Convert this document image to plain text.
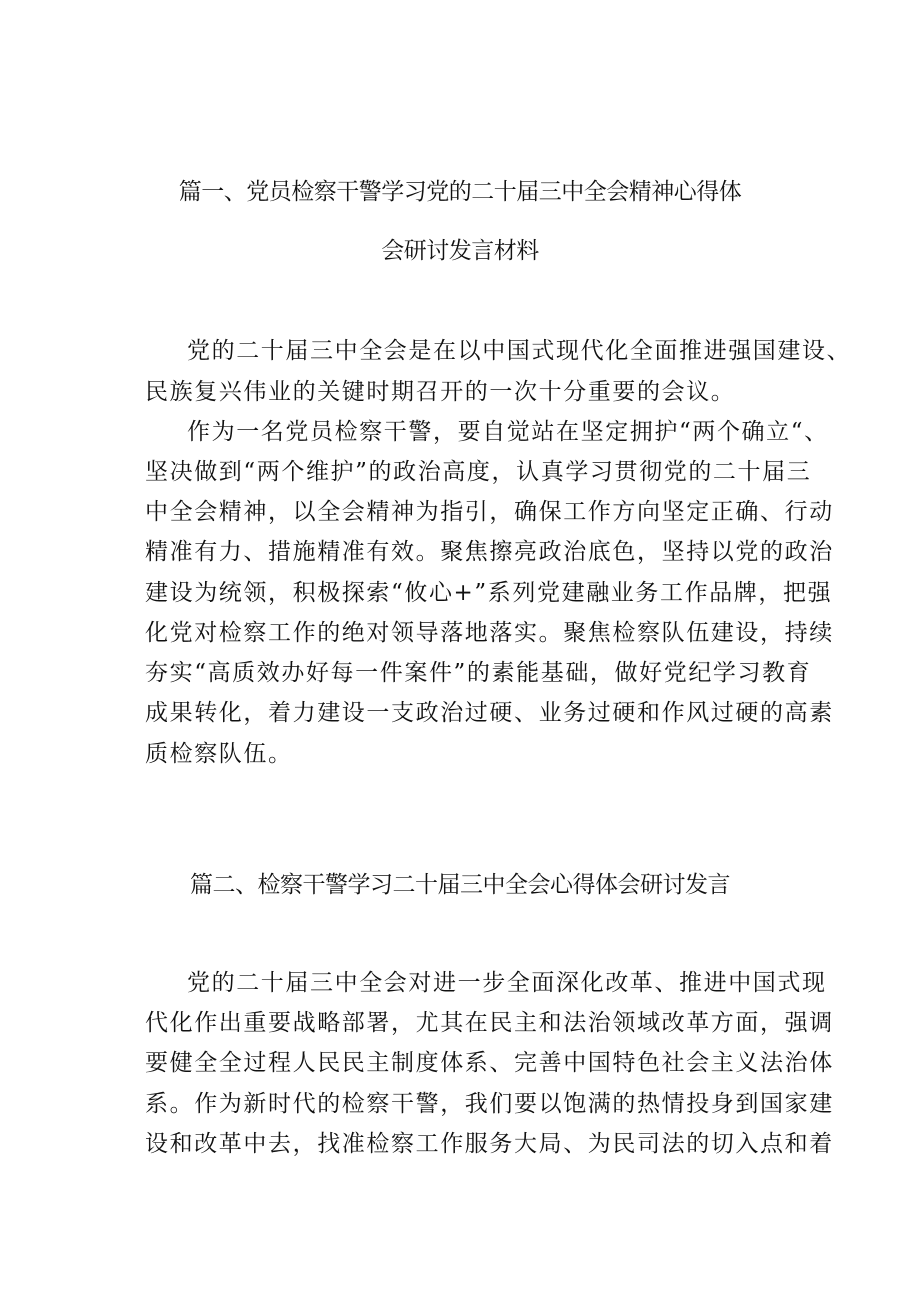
篇一、党员检察干警学习党的二十届三中全会精神心得体
会研讨发言材料
党的二十届三中全会是在以中国式现代化全面推进强国建设、
民族复兴伟业的关键时期召开的一次十分重要的会议。
作为一名党员检察干警，要自觉站在坚定拥护“两个确立“、
坚决做到“两个维护”的政治高度，认真学习贯彻党的二十届三
中全会精神，以全会精神为指引，确保工作方向坚定正确、行动
精准有力、措施精准有效。聚焦擦亮政治底色，坚持以党的政治
建设为统领，积极探索“攸心+”系列党建融业务工作品牌，把强
化党对检察工作的绝对领导落地落实。聚焦检察队伍建设，持续
夯实“高质效办好每一件案件”的素能基础，做好党纪学习教育
成果转化，着力建设一支政治过硬、业务过硬和作风过硬的高素
质检察队伍。
篇二、检察干警学习二十届三中全会心得体会研讨发言
党的二十届三中全会对进一步全面深化改革、推进中国式现
代化作出重要战略部署，尤其在民主和法治领域改革方面，强调
要健全全过程人民民主制度体系、完善中国特色社会主义法治体
系。作为新时代的检察干警，我们要以饱满的热情投身到国家建
设和改革中去，找准检察工作服务大局、为民司法的切入点和着
